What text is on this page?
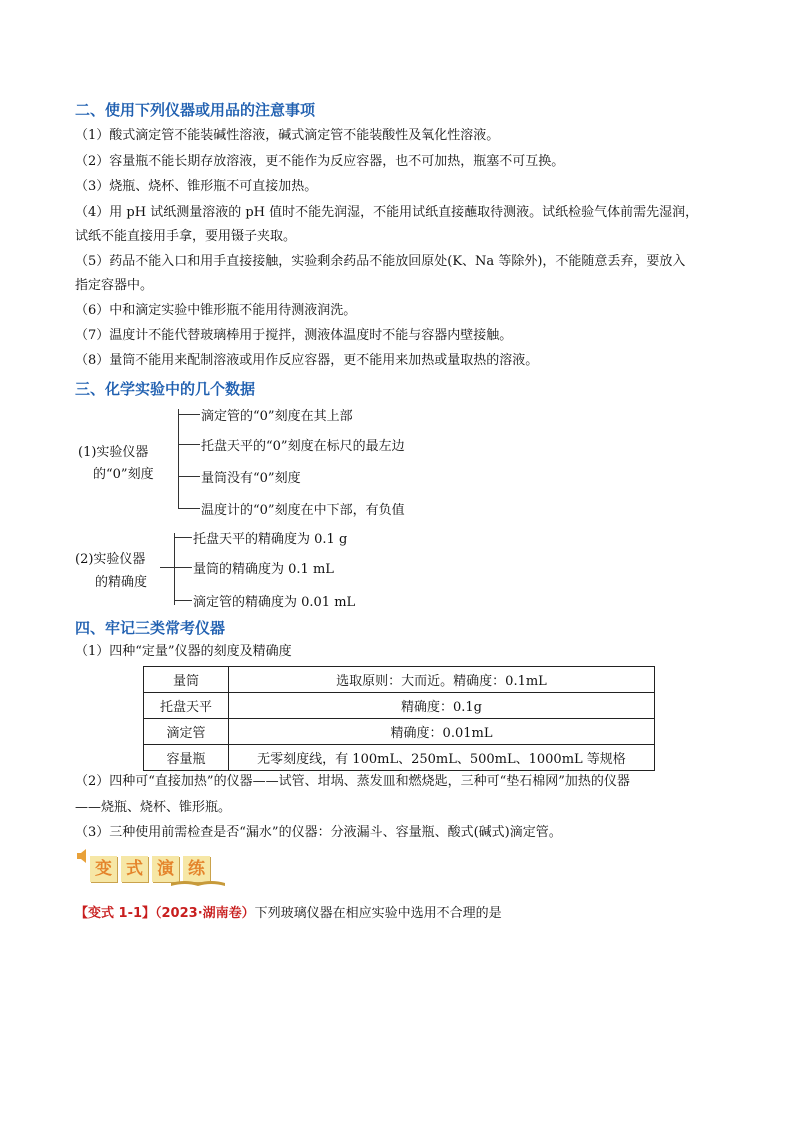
二、使用下列仪器或用品的注意事项
（1）酸式滴定管不能装碱性溶液，碱式滴定管不能装酸性及氧化性溶液。
（2）容量瓶不能长期存放溶液，更不能作为反应容器，也不可加热，瓶塞不可互换。
（3）烧瓶、烧杯、锥形瓶不可直接加热。
（4）用 pH 试纸测量溶液的 pH 值时不能先润湿，不能用试纸直接蘸取待测液。试纸检验气体前需先湿润，
试纸不能直接用手拿，要用镊子夹取。
（5）药品不能入口和用手直接接触，实验剩余药品不能放回原处(K、Na 等除外)，不能随意丢弃，要放入
指定容器中。
（6）中和滴定实验中锥形瓶不能用待测液润洗。
（7）温度计不能代替玻璃棒用于搅拌，测液体温度时不能与容器内壁接触。
（8）量筒不能用来配制溶液或用作反应容器，更不能用来加热或量取热的溶液。
三、化学实验中的几个数据
(1)实验仪器
的“0”刻度
滴定管的“0”刻度在其上部
托盘天平的“0”刻度在标尺的最左边
量筒没有“0”刻度
温度计的“0”刻度在中下部，有负值
(2)实验仪器
的精确度
托盘天平的精确度为 0.1 g
量筒的精确度为 0.1 mL
滴定管的精确度为 0.01 mL
四、牢记三类常考仪器
（1）四种“定量”仪器的刻度及精确度
量筒	选取原则：大而近。精确度：0.1mL
托盘天平	精确度：0.1g
滴定管	精确度：0.01mL
容量瓶	无零刻度线，有 100mL、250mL、500mL、1000mL 等规格
（2）四种可“直接加热”的仪器——试管、坩埚、蒸发皿和燃烧匙，三种可“垫石棉网”加热的仪器
——烧瓶、烧杯、锥形瓶。
（3）三种使用前需检查是否“漏水”的仪器：分液漏斗、容量瓶、酸式(碱式)滴定管。
变 式 演 练
【变式 1-1】（2023·湖南卷）下列玻璃仪器在相应实验中选用不合理的是
